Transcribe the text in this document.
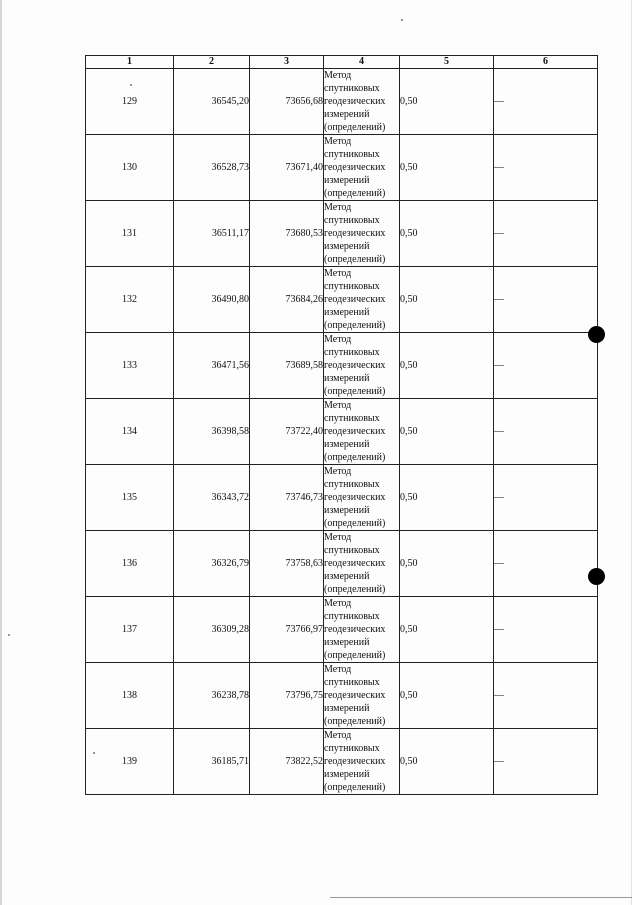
1	2	3	4	5	6
129	36545,20	73656,68	Метод
спутниковых
геодезических
измерений
(определений)	0,50	—
130	36528,73	73671,40	Метод
спутниковых
геодезических
измерений
(определений)	0,50	—
131	36511,17	73680,53	Метод
спутниковых
геодезических
измерений
(определений)	0,50	—
132	36490,80	73684,26	Метод
спутниковых
геодезических
измерений
(определений)	0,50	—
133	36471,56	73689,58	Метод
спутниковых
геодезических
измерений
(определений)	0,50	—
134	36398,58	73722,40	Метод
спутниковых
геодезических
измерений
(определений)	0,50	—
135	36343,72	73746,73	Метод
спутниковых
геодезических
измерений
(определений)	0,50	—
136	36326,79	73758,63	Метод
спутниковых
геодезических
измерений
(определений)	0,50	—
137	36309,28	73766,97	Метод
спутниковых
геодезических
измерений
(определений)	0,50	—
138	36238,78	73796,75	Метод
спутниковых
геодезических
измерений
(определений)	0,50	—
139	36185,71	73822,52	Метод
спутниковых
геодезических
измерений
(определений)	0,50	—
